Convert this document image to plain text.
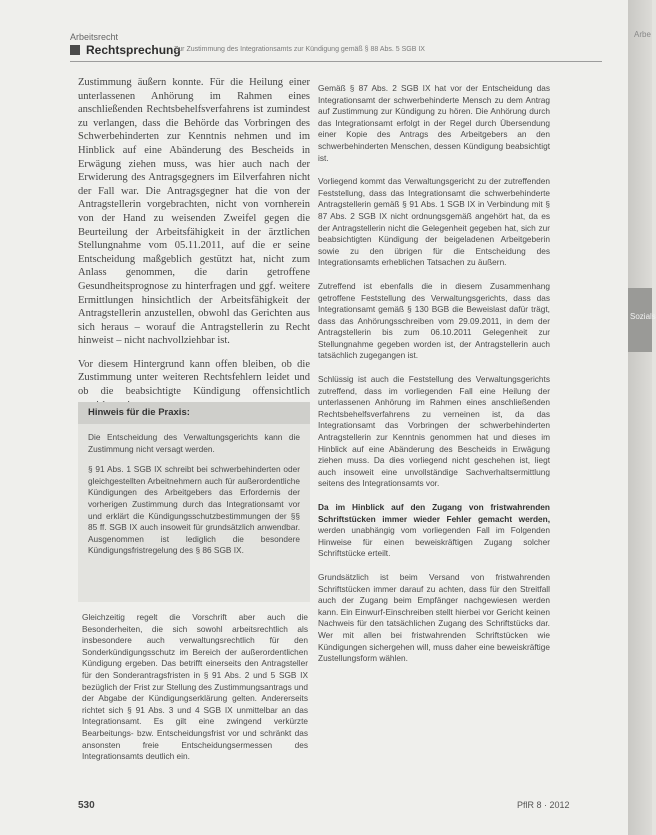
Arbeitsrecht
Rechtsprechung
Zur Zustimmung des Integrationsamts zur Kündigung gemäß § 88 Abs. 5 SGB IX

Zustimmung äußern konnte. Für die Heilung einer unterlassenen Anhörung im Rahmen eines anschließenden Rechtsbehelfsverfahrens ist zumindest zu verlangen, dass die Behörde das Vorbringen des Schwerbehinderten zur Kenntnis nehmen und im Hinblick auf eine Abänderung des Bescheids in Erwägung ziehen muss, was hier auch nach der Erwiderung des Antragsgegners im Eilverfahren nicht der Fall war. Die Antragsgegner hat die von der Antragstellerin vorgebrachten, nicht von vornherein von der Hand zu weisenden Zweifel gegen die Beurteilung der Arbeitsfähigkeit in der ärztlichen Stellungnahme vom 05.11.2011, auf die er seine Entscheidung maßgeblich gestützt hat, nicht zum Anlass genommen, die darin getroffene Gesundheitsprognose zu hinterfragen und ggf. weitere Ermittlungen hinsichtlich der Arbeitsfähigkeit der Antragstellerin anzustellen, obwohl das Gerichten aus sich heraus – worauf die Antragstellerin zu Recht hinweist – nicht nachvollziehbar ist.

Vor diesem Hintergrund kann offen bleiben, ob die Zustimmung unter weiteren Rechtsfehlern leidet und ob die beabsichtigte Kündigung offensichtlich

Hinweis für die Praxis:

Die Entscheidung des Verwaltungsgerichts kann die Zustimmung nicht versagt werden.

§ 91 Abs. 1 SGB IX schreibt bei schwerbehinderten oder gleichgestellten Arbeitnehmern auch für außerordentliche Kündigungen des Arbeitgebers das Erfordernis der vorherigen Zustimmung durch das Integrationsamt vor und erklärt die Kündigungsschutzbestimmungen der §§ 85 ff. SGB IX auch insoweit für grundsätzlich anwendbar. Ausgenommen ist lediglich die besondere Kündigungsfristregelung des § 86 SGB IX.

Gleichzeitig regelt die Vorschrift aber auch die Besonderheiten, die sich sowohl arbeitsrechtlich als insbesondere auch verwaltungsrechtlich für den Sonderkündigungsschutz im Bereich der außerordentlichen Kündigung ergeben. Das betrifft einerseits den Antragsteller für den Sonderantragsfristen in § 91 Abs. 2 und 5 SGB IX bezüglich der Frist zur Stellung des Zustimmungsantrags und der Abgabe der Kündigungserklärung gelten. Andererseits richtet sich § 91 Abs. 3 und 4 SGB IX unmittelbar an das Integrationsamt. Es gilt eine zwingend verkürzte Bearbeitungs- bzw. Entscheidungsfrist vor und schränkt das ansonsten freie Entscheidungsermessen des Integrationsamts deutlich ein.

Gemäß § 87 Abs. 2 SGB IX hat vor der Entscheidung das Integrationsamt der schwerbehinderte Mensch zu dem Antrag auf Zustimmung zur Kündigung zu hören. Die Anhörung durch das Integrationsamt erfolgt in der Regel durch Übersendung einer Kopie des Antrags des Arbeitgebers an den schwerbehinderten Menschen, dessen Kündigung beabsichtigt ist.

Vorliegend kommt das Verwaltungsgericht zu der zutreffenden Feststellung, dass das Integrationsamt die schwerbehinderte Antragstellerin gemäß § 91 Abs. 1 SGB IX in Verbindung mit § 87 Abs. 2 SGB IX nicht ordnungsgemäß angehört hat, da es der Antragstellerin nicht die Gelegenheit gegeben hat, sich zur beabsichtigten Kündigung der beigeladenen Arbeitgeberin sowie zu den übrigen für die Entscheidung des Integrationsamts erheblichen Tatsachen zu äußern.

Zutreffend ist ebenfalls die in diesem Zusammenhang getroffene Feststellung des Verwaltungsgerichts, dass das Integrationsamt gemäß § 130 BGB die Beweislast dafür trägt, dass das Anhörungsschreiben vom 29.09.2011, in dem der Antragstellerin bis zum 06.10.2011 Gelegenheit zur Stellungnahme gegeben worden ist, der Antragstellerin auch tatsächlich zugegangen ist.

Schlüssig ist auch die Feststellung des Verwaltungsgerichts zutreffend, dass im vorliegenden Fall eine Heilung der unterlassenen Anhörung im Rahmen eines anschließenden Rechtsbehelfsverfahrens zu verneinen ist, da das Integrationsamt das Vorbringen der schwerbehinderten Antragstellerin zur Kenntnis genommen hat und dieses im Hinblick auf eine Abänderung des Bescheids in Erwägung ziehen muss. Da dies vorliegend nicht geschehen ist, liegt auch insoweit eine unvollständige Sachverhaltsermittlung seitens des Integrationsamts vor.

Da im Hinblick auf den Zugang von fristwahrenden Schriftstücken immer wieder Fehler gemacht werden, werden unabhängig vom vorliegenden Fall im Folgenden Hinweise für einen beweiskräftigen Zugang solcher Schriftstücke erteilt.

Grundsätzlich ist beim Versand von fristwahrenden Schriftstücken immer darauf zu achten, dass für den Streitfall auch der Zugang beim Empfänger nachgewiesen werden kann. Ein Einwurf-Einschreiben stellt hierbei vor Gericht keinen Nachweis für den tatsächlichen Zugang des Schriftstücks dar. Wer mit allen bei fristwahrenden Schriftstücken wie Kündigungen sichergehen will, muss daher eine beweiskräftige Zustellungsform wählen.

530	PflR 8 · 2012
Arbe
Sozials
